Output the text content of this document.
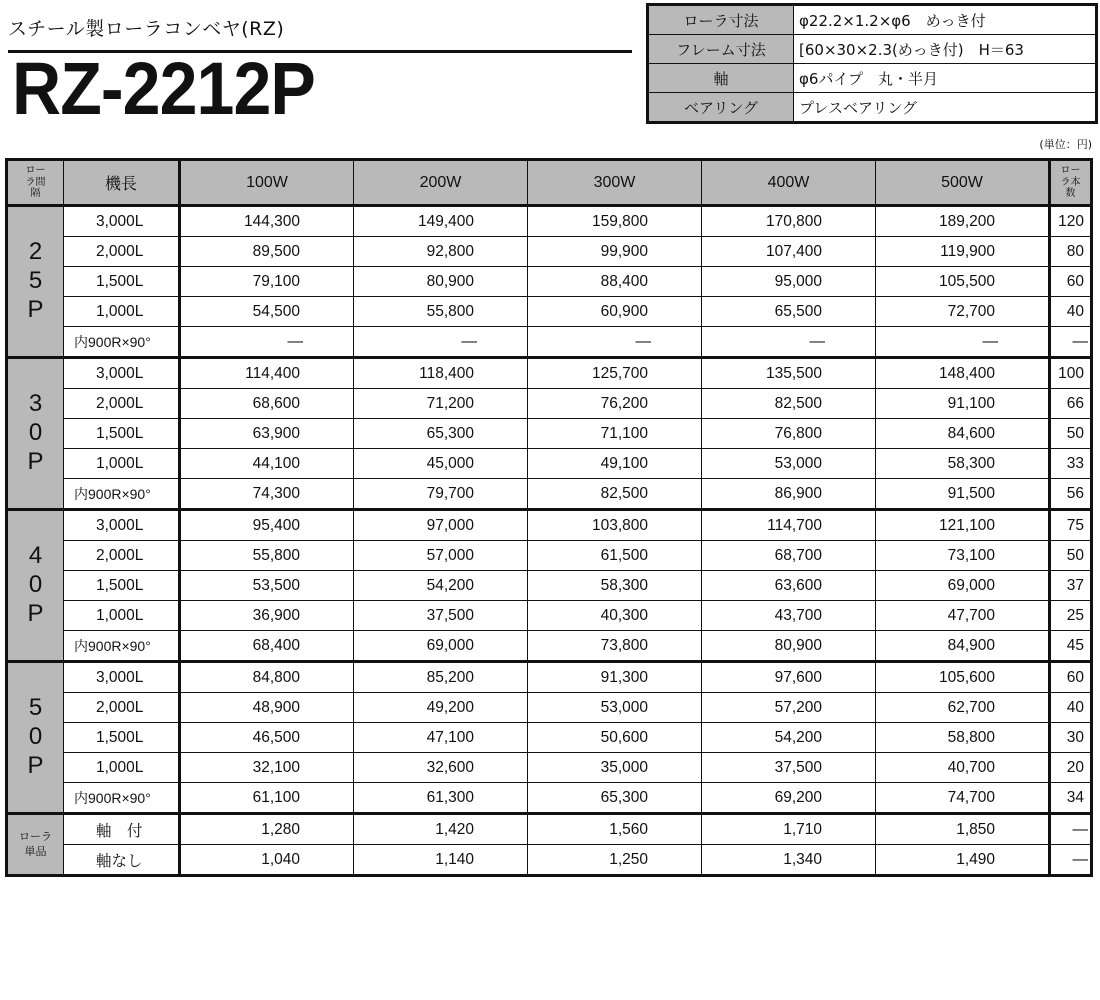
スチール製ローラコンベヤ(RZ)
RZ-2212P
ローラ寸法	φ22.2×1.2×φ6　めっき付
フレーム寸法	[60×30×2.3(めっき付)　H＝63
軸	φ6パイプ　丸・半月
ベアリング	プレスベアリング
(単位：円)
ローラ間隔	機長	100W	200W	300W	400W	500W	ローラ本数
25P	3,000L	144,300	149,400	159,800	170,800	189,200	120
	2,000L	89,500	92,800	99,900	107,400	119,900	80
	1,500L	79,100	80,900	88,400	95,000	105,500	60
	1,000L	54,500	55,800	60,900	65,500	72,700	40
	内900R×90°	—	—	—	—	—	—
30P	3,000L	114,400	118,400	125,700	135,500	148,400	100
	2,000L	68,600	71,200	76,200	82,500	91,100	66
	1,500L	63,900	65,300	71,100	76,800	84,600	50
	1,000L	44,100	45,000	49,100	53,000	58,300	33
	内900R×90°	74,300	79,700	82,500	86,900	91,500	56
40P	3,000L	95,400	97,000	103,800	114,700	121,100	75
	2,000L	55,800	57,000	61,500	68,700	73,100	50
	1,500L	53,500	54,200	58,300	63,600	69,000	37
	1,000L	36,900	37,500	40,300	43,700	47,700	25
	内900R×90°	68,400	69,000	73,800	80,900	84,900	45
50P	3,000L	84,800	85,200	91,300	97,600	105,600	60
	2,000L	48,900	49,200	53,000	57,200	62,700	40
	1,500L	46,500	47,100	50,600	54,200	58,800	30
	1,000L	32,100	32,600	35,000	37,500	40,700	20
	内900R×90°	61,100	61,300	65,300	69,200	74,700	34
ローラ単品	軸　付	1,280	1,420	1,560	1,710	1,850	—
	軸なし	1,040	1,140	1,250	1,340	1,490	—
